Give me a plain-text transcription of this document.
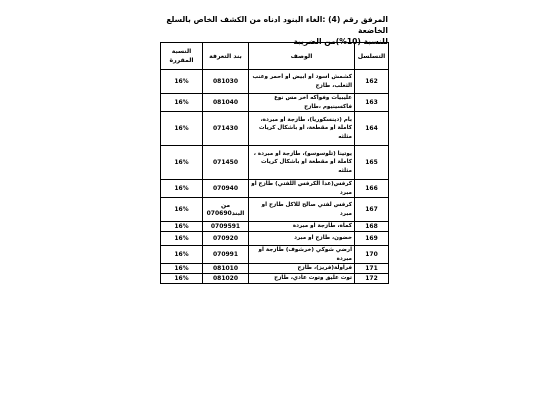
المرفق رقم (4) :الغاء البنود ادناه من الكشف الخاص بالسلع الخاضعة
للنسبة (10%)من الضريبة
التسلسل	الوصف	بند التعرفة	النسبة المقررة
162	كشمش اسود او ابيض او احمر وعنب الثعلب، طازج	081030	16%
163	عليبيات وفواكه اخر مس نوع فاكسينيوم ،طازج	081040	16%
164	بام (دينسكوريا)، طازجة او مبردة، كاملة او مقطعة، او باشكال كريات مثلثه	071430	16%
165	يوتينا (تلوسوسو)، طازجة او مبردة ، كاملة او مقطعة او باشكال كريات مثلثه	071450	16%
166	كرفس(عدا الكرفس اللفتي) طازج او مبرد	070940	16%
167	كرفس لفتي صالح للاكل طازج او مبرد	من البند070690	16%
168	كماة، طازجة او مبردة	0709591	16%
169	خضون، طازج او مبرد	070920	16%
170	ارضي شوكي (خرشوف) طازجة او مبردة	070991	16%
171	فراولة(فريز)، طازج	081010	16%
172	توت عليق وتوت عادي، طازج	081020	16%
